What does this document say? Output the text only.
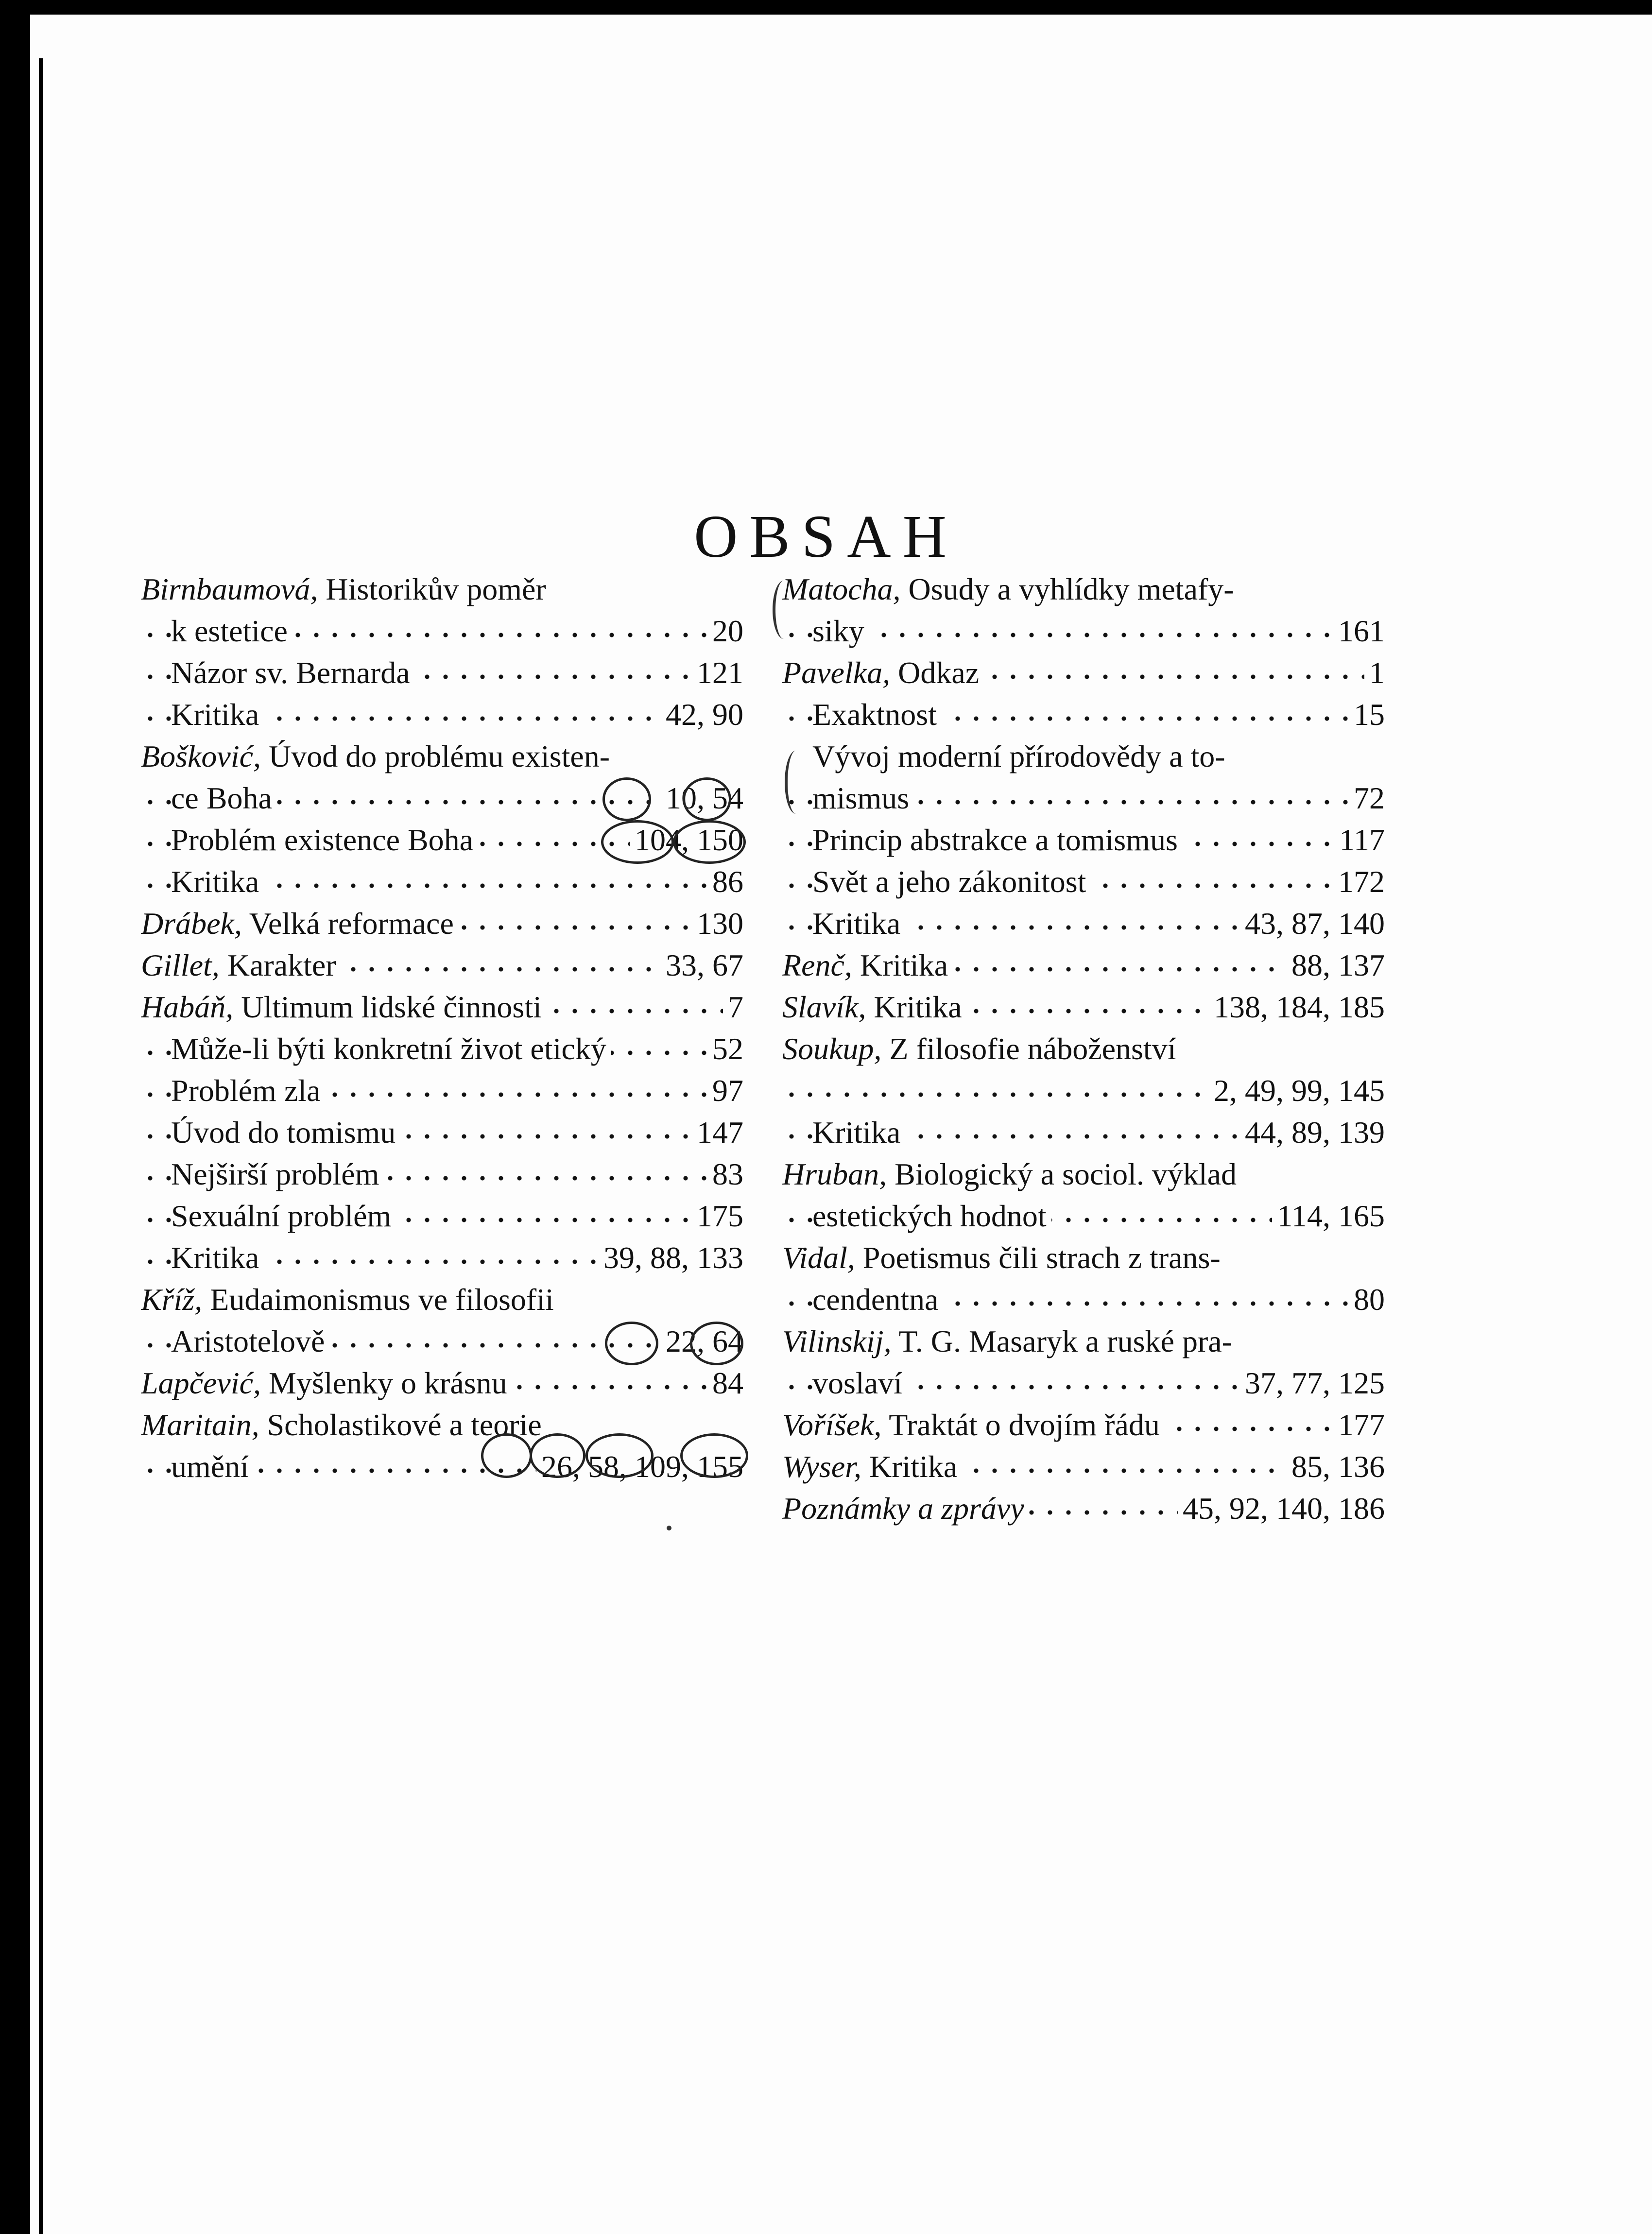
OBSAH
Birnbaumová, Historikův poměr
k estetice	20
Názor sv. Bernarda	121
Kritika	42, 90
Bošković, Úvod do problému existen-
ce Boha	10, 54
Problém existence Boha	104, 150
Kritika	86
Drábek, Velká reformace	130
Gillet, Karakter	33, 67
Habáň, Ultimum lidské činnosti	7
Může-li býti konkretní život etický	52
Problém zla	97
Úvod do tomismu	147
Nejširší problém	83
Sexuální problém	175
Kritika	39, 88, 133
Kříž, Eudaimonismus ve filosofii
Aristotelově	22, 64
Lapčević, Myšlenky o krásnu	84
Maritain, Scholastikové a teorie
umění	26, 58, 109, 155
Matocha, Osudy a vyhlídky metafy-
siky	161
Pavelka, Odkaz	1
Exaktnost	15
Vývoj moderní přírodovědy a to-
mismus	72
Princip abstrakce a tomismus	117
Svět a jeho zákonitost	172
Kritika	43, 87, 140
Renč, Kritika	88, 137
Slavík, Kritika	138, 184, 185
Soukup, Z filosofie náboženství
2, 49, 99, 145
Kritika	44, 89, 139
Hruban, Biologický a sociol. výklad
estetických hodnot	114, 165
Vidal, Poetismus čili strach z trans-
cendentna	80
Vilinskij, T. G. Masaryk a ruské pra-
voslaví	37, 77, 125
Voříšek, Traktát o dvojím řádu	177
Wyser, Kritika	85, 136
Poznámky a zprávy	45, 92, 140, 186
